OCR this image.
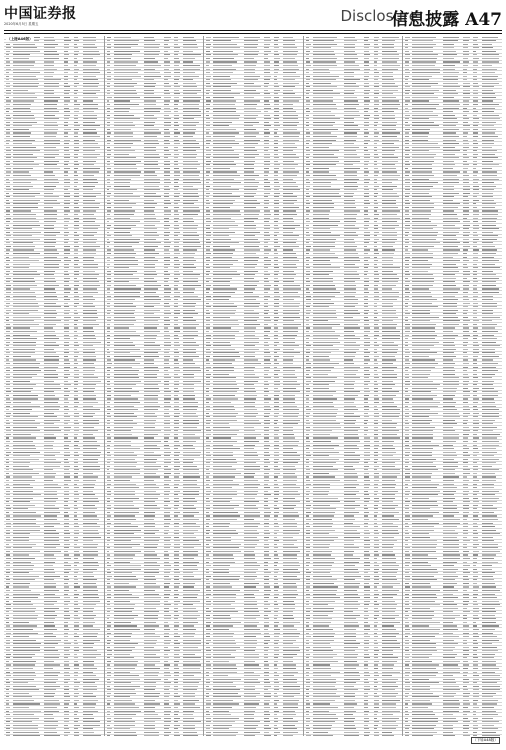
中国证券报
2020年6月5日 星期五	Disclosure
信息披露 A47
（上接A46版）
（下转A48版）
